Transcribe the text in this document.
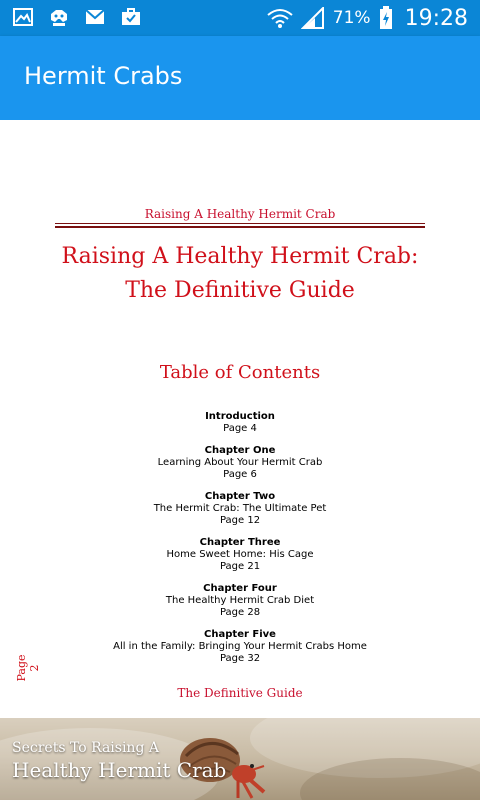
71% 19:28
Hermit Crabs
Raising A Healthy Hermit Crab
Raising A Healthy Hermit Crab:
The Definitive Guide
Table of Contents
Introduction
Page 4
Chapter One
Learning About Your Hermit Crab
Page 6
Chapter Two
The Hermit Crab: The Ultimate Pet
Page 12
Chapter Three
Home Sweet Home: His Cage
Page 21
Chapter Four
The Healthy Hermit Crab Diet
Page 28
Chapter Five
All in the Family: Bringing Your Hermit Crabs Home
Page 32
Page 2
The Definitive Guide
Secrets To Raising A
Healthy Hermit Crab
